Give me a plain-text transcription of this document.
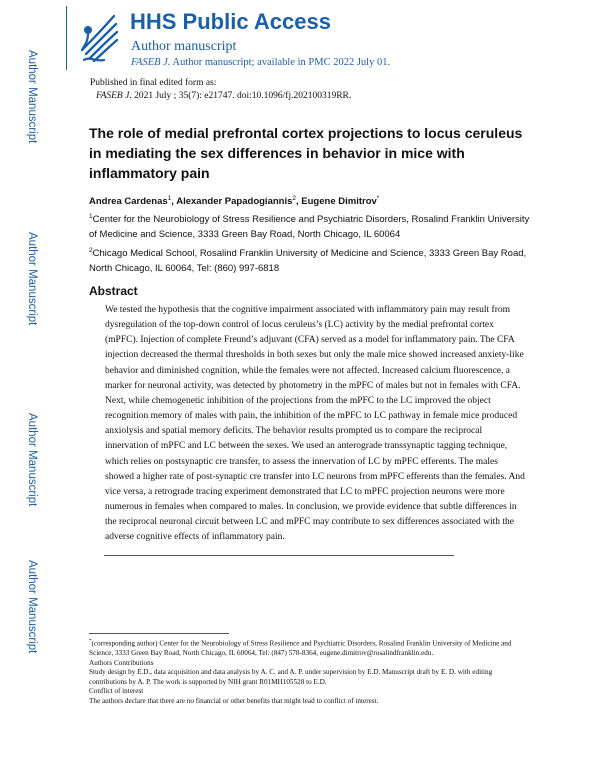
Author Manuscript
Author Manuscript
Author Manuscript
Author Manuscript
HHS Public Access
Author manuscript
FASEB J. Author manuscript; available in PMC 2022 July 01.
Published in final edited form as:
FASEB J. 2021 July ; 35(7): e21747. doi:10.1096/fj.202100319RR.
The role of medial prefrontal cortex projections to locus ceruleus in mediating the sex differences in behavior in mice with inflammatory pain
Andrea Cardenas$^1$, Alexander Papadogiannis$^2$, Eugene Dimitrov*
$^1$Center for the Neurobiology of Stress Resilience and Psychiatric Disorders, Rosalind Franklin University of Medicine and Science, 3333 Green Bay Road, North Chicago, IL 60064
$^2$Chicago Medical School, Rosalind Franklin University of Medicine and Science, 3333 Green Bay Road, North Chicago, IL 60064, Tel: (860) 997-6818
Abstract

We tested the hypothesis that the cognitive impairment associated with inflammatory pain may result from dysregulation of the top-down control of locus ceruleus’s (LC) activity by the medial prefrontal cortex (mPFC). Injection of complete Freund’s adjuvant (CFA) served as a model for inflammatory pain. The CFA injection decreased the thermal thresholds in both sexes but only the male mice showed increased anxiety-like behavior and diminished cognition, while the females were not affected. Increased calcium fluorescence, a marker for neuronal activity, was detected by photometry in the mPFC of males but not in females with CFA. Next, while chemogenetic inhibition of the projections from the mPFC to the LC improved the object recognition memory of males with pain, the inhibition of the mPFC to LC pathway in female mice produced anxiolysis and spatial memory deficits. The behavior results prompted us to compare the reciprocal innervation of mPFC and LC between the sexes. We used an anterograde transsynaptic tagging technique, which relies on postsynaptic cre transfer, to assess the innervation of LC by mPFC efferents. The males showed a higher rate of post-synaptic cre transfer into LC neurons from mPFC efferents than the females. And vice versa, a retrograde tracing experiment demonstrated that LC to mPFC projection neurons were more numerous in females when compared to males. In conclusion, we provide evidence that subtle differences in the reciprocal neuronal circuit between LC and mPFC may contribute to sex differences associated with the adverse cognitive effects of inflammatory pain.

*(corresponding author) Center for the Neurobiology of Stress Resilience and Psychiatric Disorders, Rosalind Franklin University of Medicine and Science, 3333 Green Bay Road, North Chicago, IL 60064, Tel: (847) 578-8364, eugene.dimitrov@rosalindfranklin.edu.

Authors Contributions

Study design by E.D., data acquisition and data analysis by A. C. and A. P. under supervision by E.D. Manuscript draft by E. D. with editing contributions by A. P. The work is supported by NIH grant R01MH105528 to E.D.

Conflict of interest

The authors declare that there are no financial or other benefits that might lead to conflict of interest.
